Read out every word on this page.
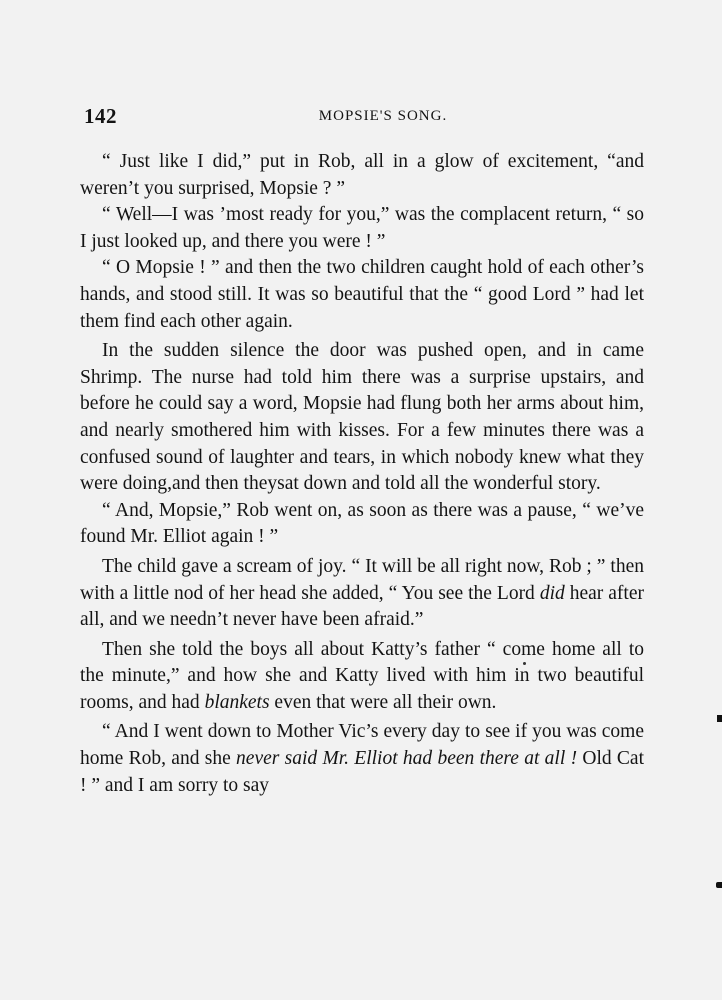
142	MOPSIE'S SONG.

“ Just like I did,” put in Rob, all in a glow of excitement, “and weren’t you surprised, Mopsie ? ”

“ Well—I was ’most ready for you,” was the complacent return, “ so I just looked up, and there you were ! ”

“ O Mopsie ! ” and then the two children caught hold of each other’s hands, and stood still. It was so beautiful that the “ good Lord ” had let them find each other again.

In the sudden silence the door was pushed open, and in came Shrimp. The nurse had told him there was a surprise upstairs, and before he could say a word, Mopsie had flung both her arms about him, and nearly smothered him with kisses. For a few minutes there was a confused sound of laughter and tears, in which nobody knew what they were doing,and then theysat down and told all the wonderful story.

“ And, Mopsie,” Rob went on, as soon as there was a pause, “ we’ve found Mr. Elliot again ! ”

The child gave a scream of joy. “ It will be all right now, Rob ; ” then with a little nod of her head she added, “ You see the Lord did hear after all, and we needn’t never have been afraid.”

Then she told the boys all about Katty’s father “ come home all to the minute,” and how she and Katty lived with him in two beautiful rooms, and had blankets even that were all their own.

“ And I went down to Mother Vic’s every day to see if you was come home Rob, and she never said Mr. Elliot had been there at all ! Old Cat ! ” and I am sorry to say
